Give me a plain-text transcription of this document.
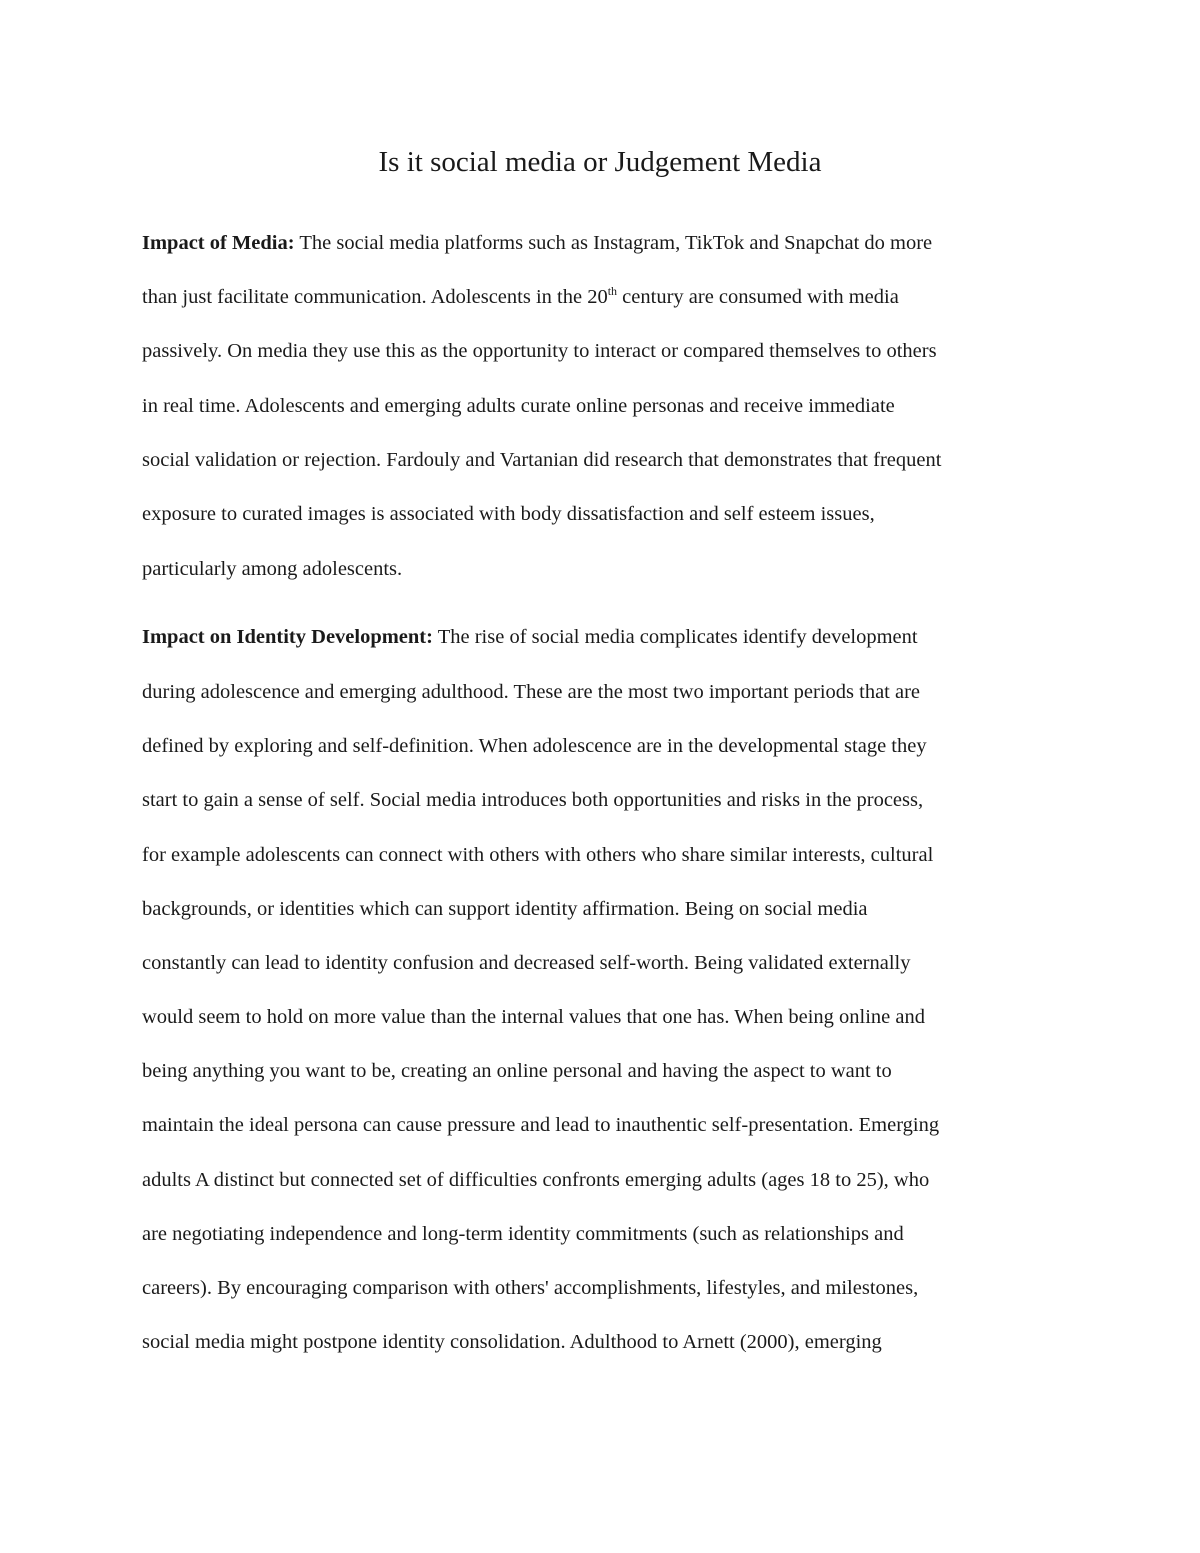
Is it social media or Judgement Media
Impact of Media: The social media platforms such as Instagram, TikTok and Snapchat do more
than just facilitate communication. Adolescents in the 20th century are consumed with media
passively. On media they use this as the opportunity to interact or compared themselves to others
in real time. Adolescents and emerging adults curate online personas and receive immediate
social validation or rejection. Fardouly and Vartanian did research that demonstrates that frequent
exposure to curated images is associated with body dissatisfaction and self esteem issues,
particularly among adolescents.
Impact on Identity Development: The rise of social media complicates identify development
during adolescence and emerging adulthood. These are the most two important periods that are
defined by exploring and self-definition. When adolescence are in the developmental stage they
start to gain a sense of self. Social media introduces both opportunities and risks in the process,
for example adolescents can connect with others with others who share similar interests, cultural
backgrounds, or identities which can support identity affirmation. Being on social media
constantly can lead to identity confusion and decreased self-worth. Being validated externally
would seem to hold on more value than the internal values that one has. When being online and
being anything you want to be, creating an online personal and having the aspect to want to
maintain the ideal persona can cause pressure and lead to inauthentic self-presentation. Emerging
adults A distinct but connected set of difficulties confronts emerging adults (ages 18 to 25), who
are negotiating independence and long-term identity commitments (such as relationships and
careers). By encouraging comparison with others' accomplishments, lifestyles, and milestones,
social media might postpone identity consolidation. Adulthood to Arnett (2000), emerging
